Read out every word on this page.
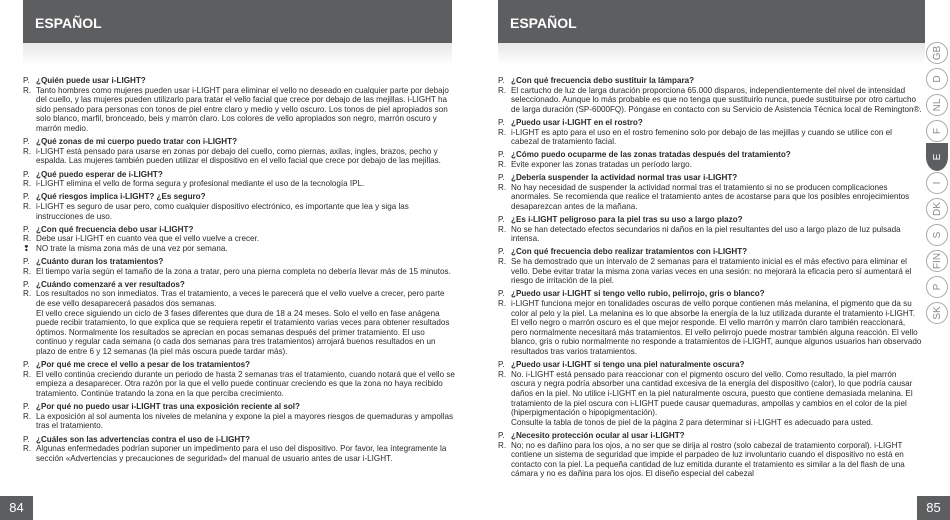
ESPAÑOL
P. ¿Quién puede usar i-LIGHT?
R. Tanto hombres como mujeres pueden usar i-LIGHT para eliminar el vello no deseado en cualquier parte por debajo del cuello, y las mujeres pueden utilizarlo para tratar el vello facial que crece por debajo de las mejillas. i-LIGHT ha sido pensado para personas con tonos de piel entre claro y medio y vello oscuro. Los tonos de piel apropiados son solo blanco, marfil, bronceado, beis y marrón claro. Los colores de vello apropiados son negro, marrón oscuro y marrón medio.
P. ¿Qué zonas de mi cuerpo puedo tratar con i-LIGHT?
R. i-LIGHT está pensado para usarse en zonas por debajo del cuello, como piernas, axilas, ingles, brazos, pecho y espalda. Las mujeres también pueden utilizar el dispositivo en el vello facial que crece por debajo de las mejillas.
P. ¿Qué puedo esperar de i-LIGHT?
R. i-LIGHT elimina el vello de forma segura y profesional mediante el uso de la tecnología IPL.
P. ¿Qué riesgos implica i-LIGHT? ¿Es seguro?
R. i-LIGHT es seguro de usar pero, como cualquier dispositivo electrónico, es importante que lea y siga las instrucciones de uso.
P. ¿Con qué frecuencia debo usar i-LIGHT?
R. Debe usar i-LIGHT en cuanto vea que el vello vuelve a crecer.
❢ NO trate la misma zona más de una vez por semana.
P. ¿Cuánto duran los tratamientos?
R. El tiempo varía según el tamaño de la zona a tratar, pero una pierna completa no debería llevar más de 15 minutos.
P. ¿Cuándo comenzaré a ver resultados?
R. Los resultados no son inmediatos. Tras el tratamiento, a veces le parecerá que el vello vuelve a crecer, pero parte de ese vello desaparecerá pasados dos semanas.
El vello crece siguiendo un ciclo de 3 fases diferentes que dura de 18 a 24 meses. Solo el vello en fase anágena puede recibir tratamiento, lo que explica que se requiera repetir el tratamiento varias veces para obtener resultados óptimos. Normalmente los resultados se aprecian en pocas semanas después del primer tratamiento. El uso continuo y regular cada semana (o cada dos semanas para tres tratamientos) arrojará buenos resultados en un plazo de entre 6 y 12 semanas (la piel más oscura puede tardar más).
P. ¿Por qué me crece el vello a pesar de los tratamientos?
R. El vello continúa creciendo durante un periodo de hasta 2 semanas tras el tratamiento, cuando notará que el vello se empieza a desaparecer. Otra razón por la que el vello puede continuar creciendo es que la zona no haya recibido tratamiento. Continúe tratando la zona en la que perciba crecimiento.
P. ¿Por qué no puedo usar i-LIGHT tras una exposición reciente al sol?
R. La exposición al sol aumenta los niveles de melanina y expone la piel a mayores riesgos de quemaduras y ampollas tras el tratamiento.
P. ¿Cuáles son las advertencias contra el uso de i-LIGHT?
R. Algunas enfermedades podrían suponer un impedimento para el uso del dispositivo. Por favor, lea íntegramente la sección «Advertencias y precauciones de seguridad» del manual de usuario antes de usar i-LIGHT.
84
ESPAÑOL
P. ¿Con qué frecuencia debo sustituir la lámpara?
R. El cartucho de luz de larga duración proporciona 65.000 disparos, independientemente del nivel de intensidad seleccionado. Aunque lo más probable es que no tenga que sustituirlo nunca, puede sustituirse por otro cartucho de larga duración (SP-6000FQ). Póngase en contacto con su Servicio de Asistencia Técnica local de Remington®.
P. ¿Puedo usar i-LIGHT en el rostro?
R. i-LIGHT es apto para el uso en el rostro femenino solo por debajo de las mejillas y cuando se utilice con el cabezal de tratamiento facial.
P. ¿Cómo puedo ocuparme de las zonas tratadas después del tratamiento?
R. Evite exponer las zonas tratadas un período largo.
P. ¿Debería suspender la actividad normal tras usar i-LIGHT?
R. No hay necesidad de suspender la actividad normal tras el tratamiento si no se producen complicaciones anormales. Se recomienda que realice el tratamiento antes de acostarse para que los posibles enrojecimientos desaparezcan antes de la mañana.
P. ¿Es i-LIGHT peligroso para la piel tras su uso a largo plazo?
R. No se han detectado efectos secundarios ni daños en la piel resultantes del uso a largo plazo de luz pulsada intensa.
P. ¿Con qué frecuencia debo realizar tratamientos con i-LIGHT?
R. Se ha demostrado que un intervalo de 2 semanas para el tratamiento inicial es el más efectivo para eliminar el vello. Debe evitar tratar la misma zona varias veces en una sesión: no mejorará la eficacia pero sí aumentará el riesgo de irritación de la piel.
P. ¿Puedo usar i-LIGHT si tengo vello rubio, pelirrojo, gris o blanco?
R. i-LIGHT funciona mejor en tonalidades oscuras de vello porque contienen más melanina, el pigmento que da su color al pelo y la piel. La melanina es lo que absorbe la energía de la luz utilizada durante el tratamiento i-LIGHT. El vello negro o marrón oscuro es el que mejor responde. El vello marrón y marrón claro también reaccionará, pero normalmente necesitará más tratamientos. El vello pelirrojo puede mostrar también alguna reacción. El vello blanco, gris o rubio normalmente no responde a tratamientos de i-LIGHT, aunque algunos usuarios han observado resultados tras varios tratamientos.
P. ¿Puedo usar i-LIGHT si tengo una piel naturalmente oscura?
R. No. i-LIGHT está pensado para reaccionar con el pigmento oscuro del vello. Como resultado, la piel marrón oscura y negra podría absorber una cantidad excesiva de la energía del dispositivo (calor), lo que podría causar daños en la piel. No utilice i-LIGHT en la piel naturalmente oscura, puesto que contiene demasiada melanina. El tratamiento de la piel oscura con i-LIGHT puede causar quemaduras, ampollas y cambios en el color de la piel (hiperpigmentación o hipopigmentación).
Consulte la tabla de tonos de piel de la página 2 para determinar si i-LIGHT es adecuado para usted.
P. ¿Necesito protección ocular al usar i-LIGHT?
R. No; no es dañino para los ojos, a no ser que se dirija al rostro (solo cabezal de tratamiento corporal). i-LIGHT contiene un sistema de seguridad que impide el parpadeo de luz involuntario cuando el dispositivo no está en contacto con la piel. La pequeña cantidad de luz emitida durante el tratamiento es similar a la del flash de una cámara y no es dañina para los ojos. El diseño especial del cabezal
85
GB
D
NL
F
E
I
DK
S
FIN
P
SK
